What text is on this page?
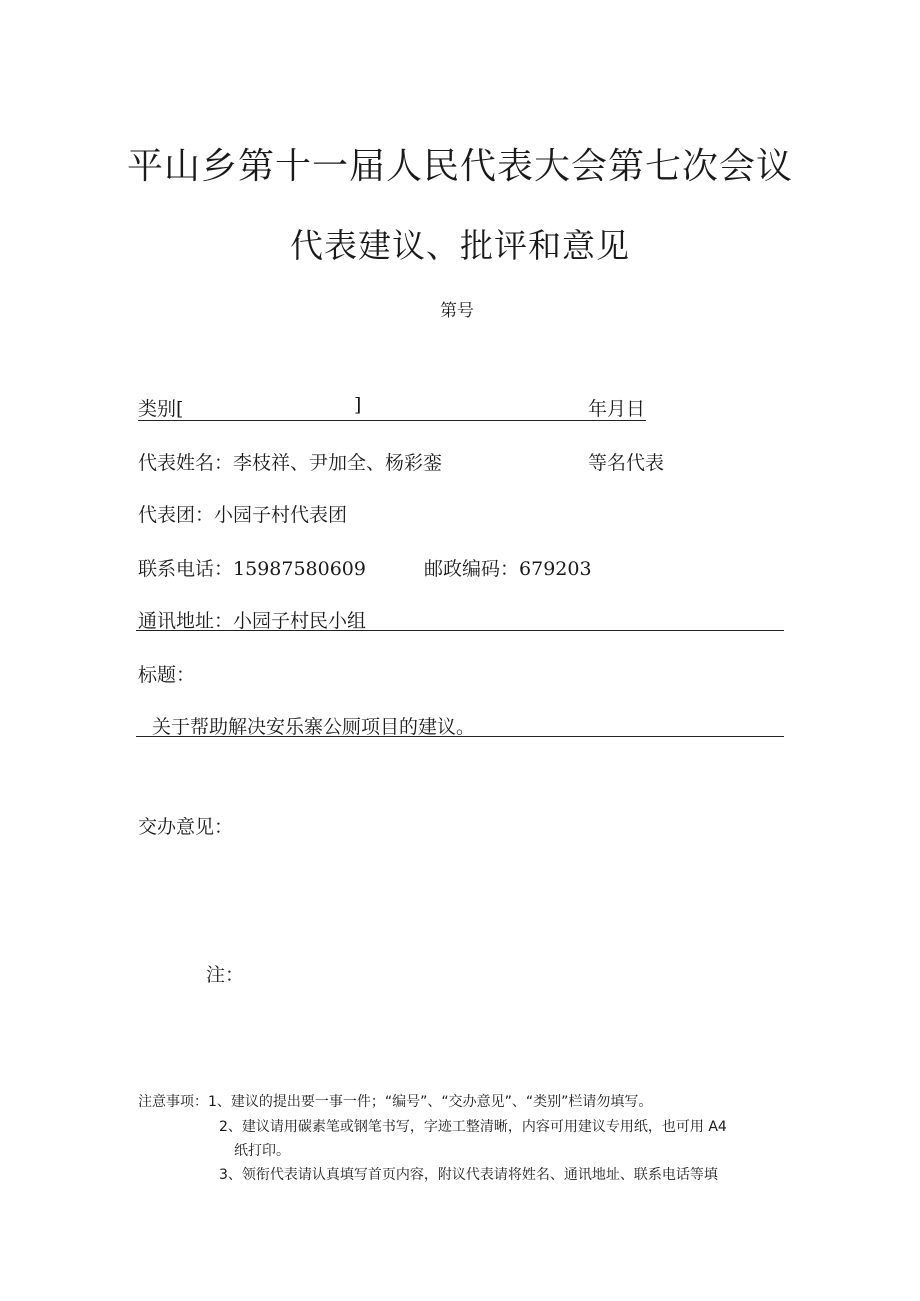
平山乡第十一届人民代表大会第七次会议
代表建议、批评和意见
第号
类别[	]	年月日
代表姓名：李枝祥、尹加全、杨彩銮	等名代表
代表团：小园子村代表团
联系电话：15987580609	邮政编码：679203
通讯地址：小园子村民小组
标题：
关于帮助解决安乐寨公厕项目的建议。
交办意见：
注：
注意事项：1、建议的提出要一事一件；“编号”、“交办意见”、“类别”栏请勿填写。
2、建议请用碳素笔或钢笔书写，字迹工整清晰，内容可用建议专用纸，也可用 A4
纸打印。
3、领衔代表请认真填写首页内容，附议代表请将姓名、通讯地址、联系电话等填
